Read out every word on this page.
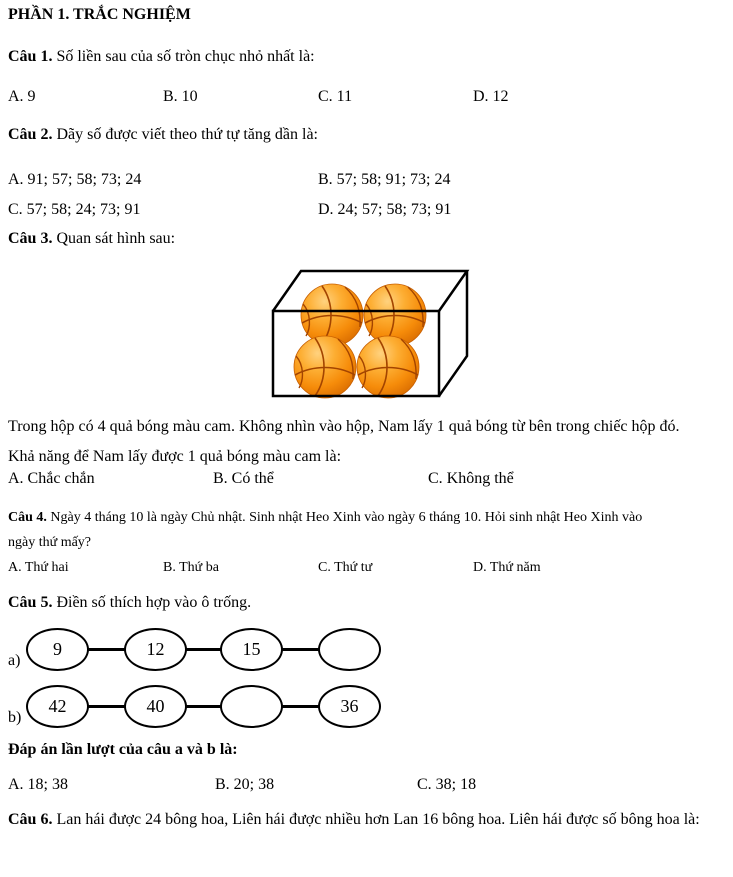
PHẦN 1. TRẮC NGHIỆM
Câu 1. Số liền sau của số tròn chục nhỏ nhất là:
A. 9	B. 10	C. 11	D. 12
Câu 2. Dãy số được viết theo thứ tự tăng dần là:
A. 91; 57; 58; 73; 24	B. 57; 58; 91; 73; 24
C. 57; 58; 24; 73; 91	D. 24; 57; 58; 73; 91
Câu 3. Quan sát hình sau:
Trong hộp có 4 quả bóng màu cam. Không nhìn vào hộp, Nam lấy 1 quả bóng từ bên trong chiếc hộp đó. Khả năng để Nam lấy được 1 quả bóng màu cam là:
A. Chắc chắn	B. Có thể	C. Không thể
Câu 4. Ngày 4 tháng 10 là ngày Chủ nhật. Sinh nhật Heo Xinh vào ngày 6 tháng 10. Hỏi sinh nhật Heo Xinh vào ngày thứ mấy?
A. Thứ hai	B. Thứ ba	C. Thứ tư	D. Thứ năm
Câu 5. Điền số thích hợp vào ô trống.
a)
9	12	15
b)
42	40	36
Đáp án lần lượt của câu a và b là:
A. 18; 38	B. 20; 38	C. 38; 18
Câu 6. Lan hái được 24 bông hoa, Liên hái được nhiều hơn Lan 16 bông hoa. Liên hái được số bông hoa là:
